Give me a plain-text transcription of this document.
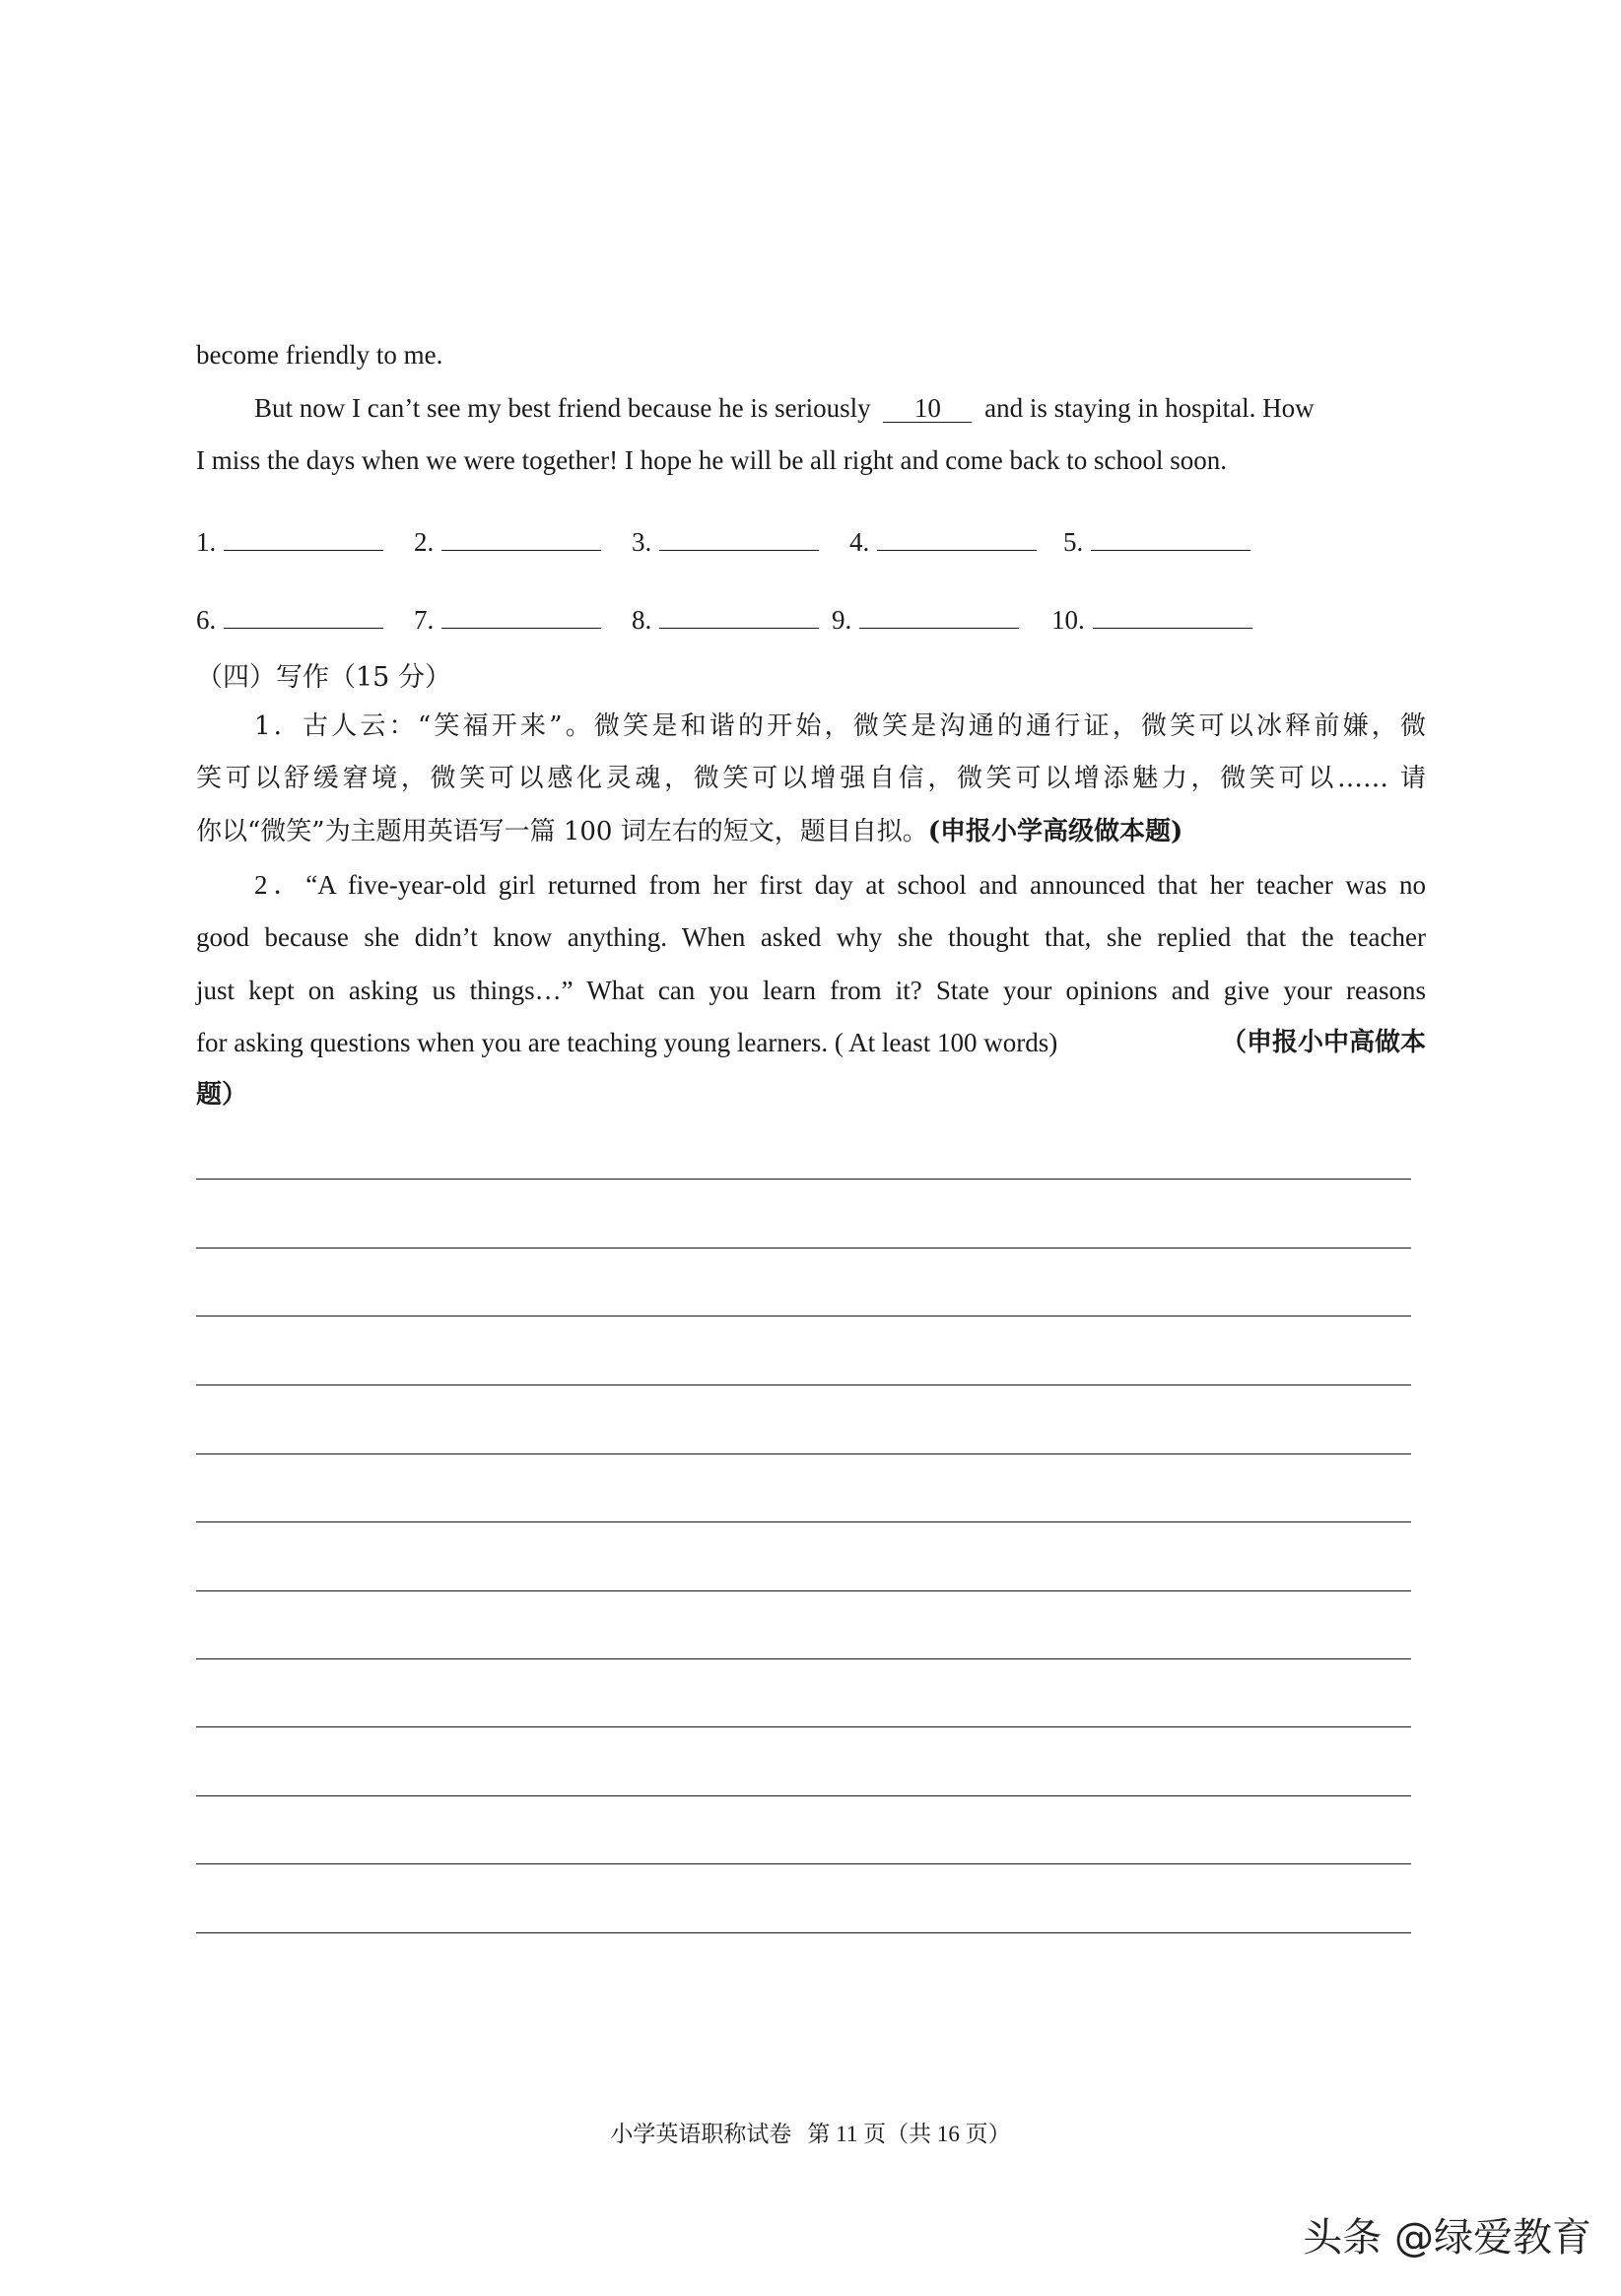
become friendly to me.
But now I can’t see my best friend because he is seriously 10 and is staying in hospital. How
I miss the days when we were together! I hope he will be all right and come back to school soon.
1.	2.	3.	4.	5.
6.	7.	8.	9.	10.
（四）写作（15 分）
1．古人云：“笑福开来”。微笑是和谐的开始，微笑是沟通的通行证，微笑可以冰释前嫌，微
笑可以舒缓窘境，微笑可以感化灵魂，微笑可以增强自信，微笑可以增添魅力，微笑可以…… 请
你以“微笑”为主题用英语写一篇 100 词左右的短文，题目自拟。(申报小学高级做本题)
2．“A five-year-old girl returned from her first day at school and announced that her teacher was no
good because she didn’t know anything. When asked why she thought that, she replied that the teacher
just kept on asking us things…” What can you learn from it? State your opinions and give your reasons
for asking questions when you are teaching young learners. ( At least 100 words)	（申报小中高做本
题）
小学英语职称试卷 第 11 页（共 16 页）
头条 @绿爱教育
